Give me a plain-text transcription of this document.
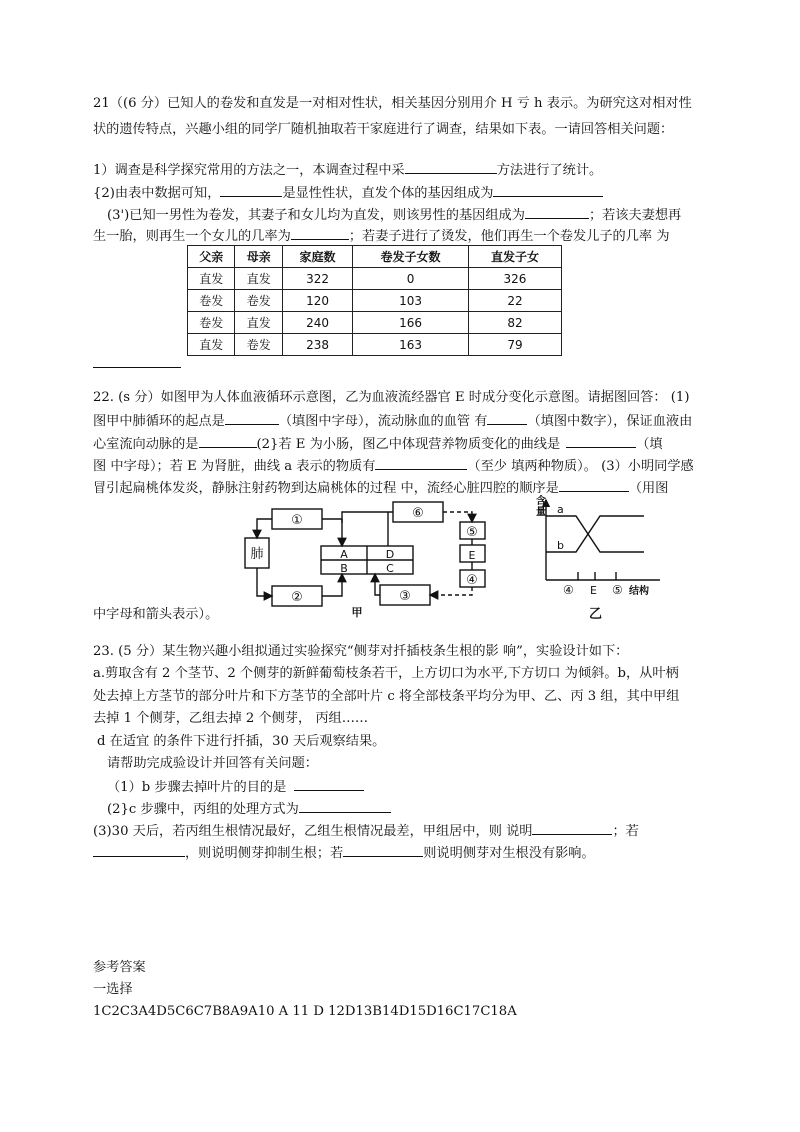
21（(6 分）已知人的卷发和直发是一对相对性状，相关基因分别用介 H 亏 h 表示。为研究这对相对性
状的遗传特点，兴趣小组的同学厂随机抽取若干家庭进行了调查，结果如下表。一请回答相关问题：
1）调查是科学探究常用的方法之一，本调查过程中采	方法进行了统计。
{2)由表中数据可知，	是显性性状，直发个体的基因组成为
(3')已知一男性为卷发，其妻子和女儿均为直发，则该男性的基因组成为	；若该夫妻想再
生一胎，则再生一个女儿的几率为	；若妻子进行了烫发，他们再生一个卷发儿子的几率 为
父亲	母亲	家庭数	卷发子女数	直发子女
直发	直发	322	0	326
卷发	卷发	120	103	22
卷发	直发	240	166	82
直发	卷发	238	163	79
22. (s 分）如图甲为人体血液循环示意图，乙为血液流经器官 E 时成分变化示意图。请据图回答： (1)
图甲中肺循环的起点是	（填图中字母），流动脉血的血管 有	（填图中数字），保证血液由
心室流向动脉的是	(2}若 E 为小肠，图乙中体现营养物质变化的曲线是	（填
图 中字母）；若 E 为肾脏，曲线 a 表示的物质有	（至少 填两种物质）。 (3）小明同学感
冒引起扁桃体发炎，静脉注射药物到达扁桃体的过程 中，流经心脏四腔的顺序是	（用图
①
肺
②
⑥
A	D
B	C
③
⑤
E
④
甲
含
量 a
b
④ E ⑤ 结构
乙
中字母和箭头表示）。
23. (5 分）某生物兴趣小组拟通过实验探究“侧芽对扦插枝条生根的影 响”，实验设计如下：
a.剪取含有 2 个茎节、2 个侧芽的新鲜葡萄枝条若干，上方切口为水平,下方切口 为倾斜。b，从叶柄
处去掉上方茎节的部分叶片和下方茎节的全部叶片 c 将全部枝条平均分为甲、乙、丙 3 组，其中甲组
去掉 1 个侧芽，乙组去掉 2 个侧芽， 丙组……
d 在适宜 的条件下进行扦插，30 天后观察结果。
请帮助完成验设计并回答有关问题：
（1）b 步骤去掉叶片的目的是
(2}c 步骤中，丙组的处理方式为
(3)30 天后，若丙组生根情况最好，乙组生根情况最差，甲组居中，则 说明	；若
，则说明侧芽抑制生根；若	则说明侧芽对生根没有影响。
参考答案
一选择
1C2C3A4D5C6C7B8A9A10 A 11 D 12D13B14D15D16C17C18A
